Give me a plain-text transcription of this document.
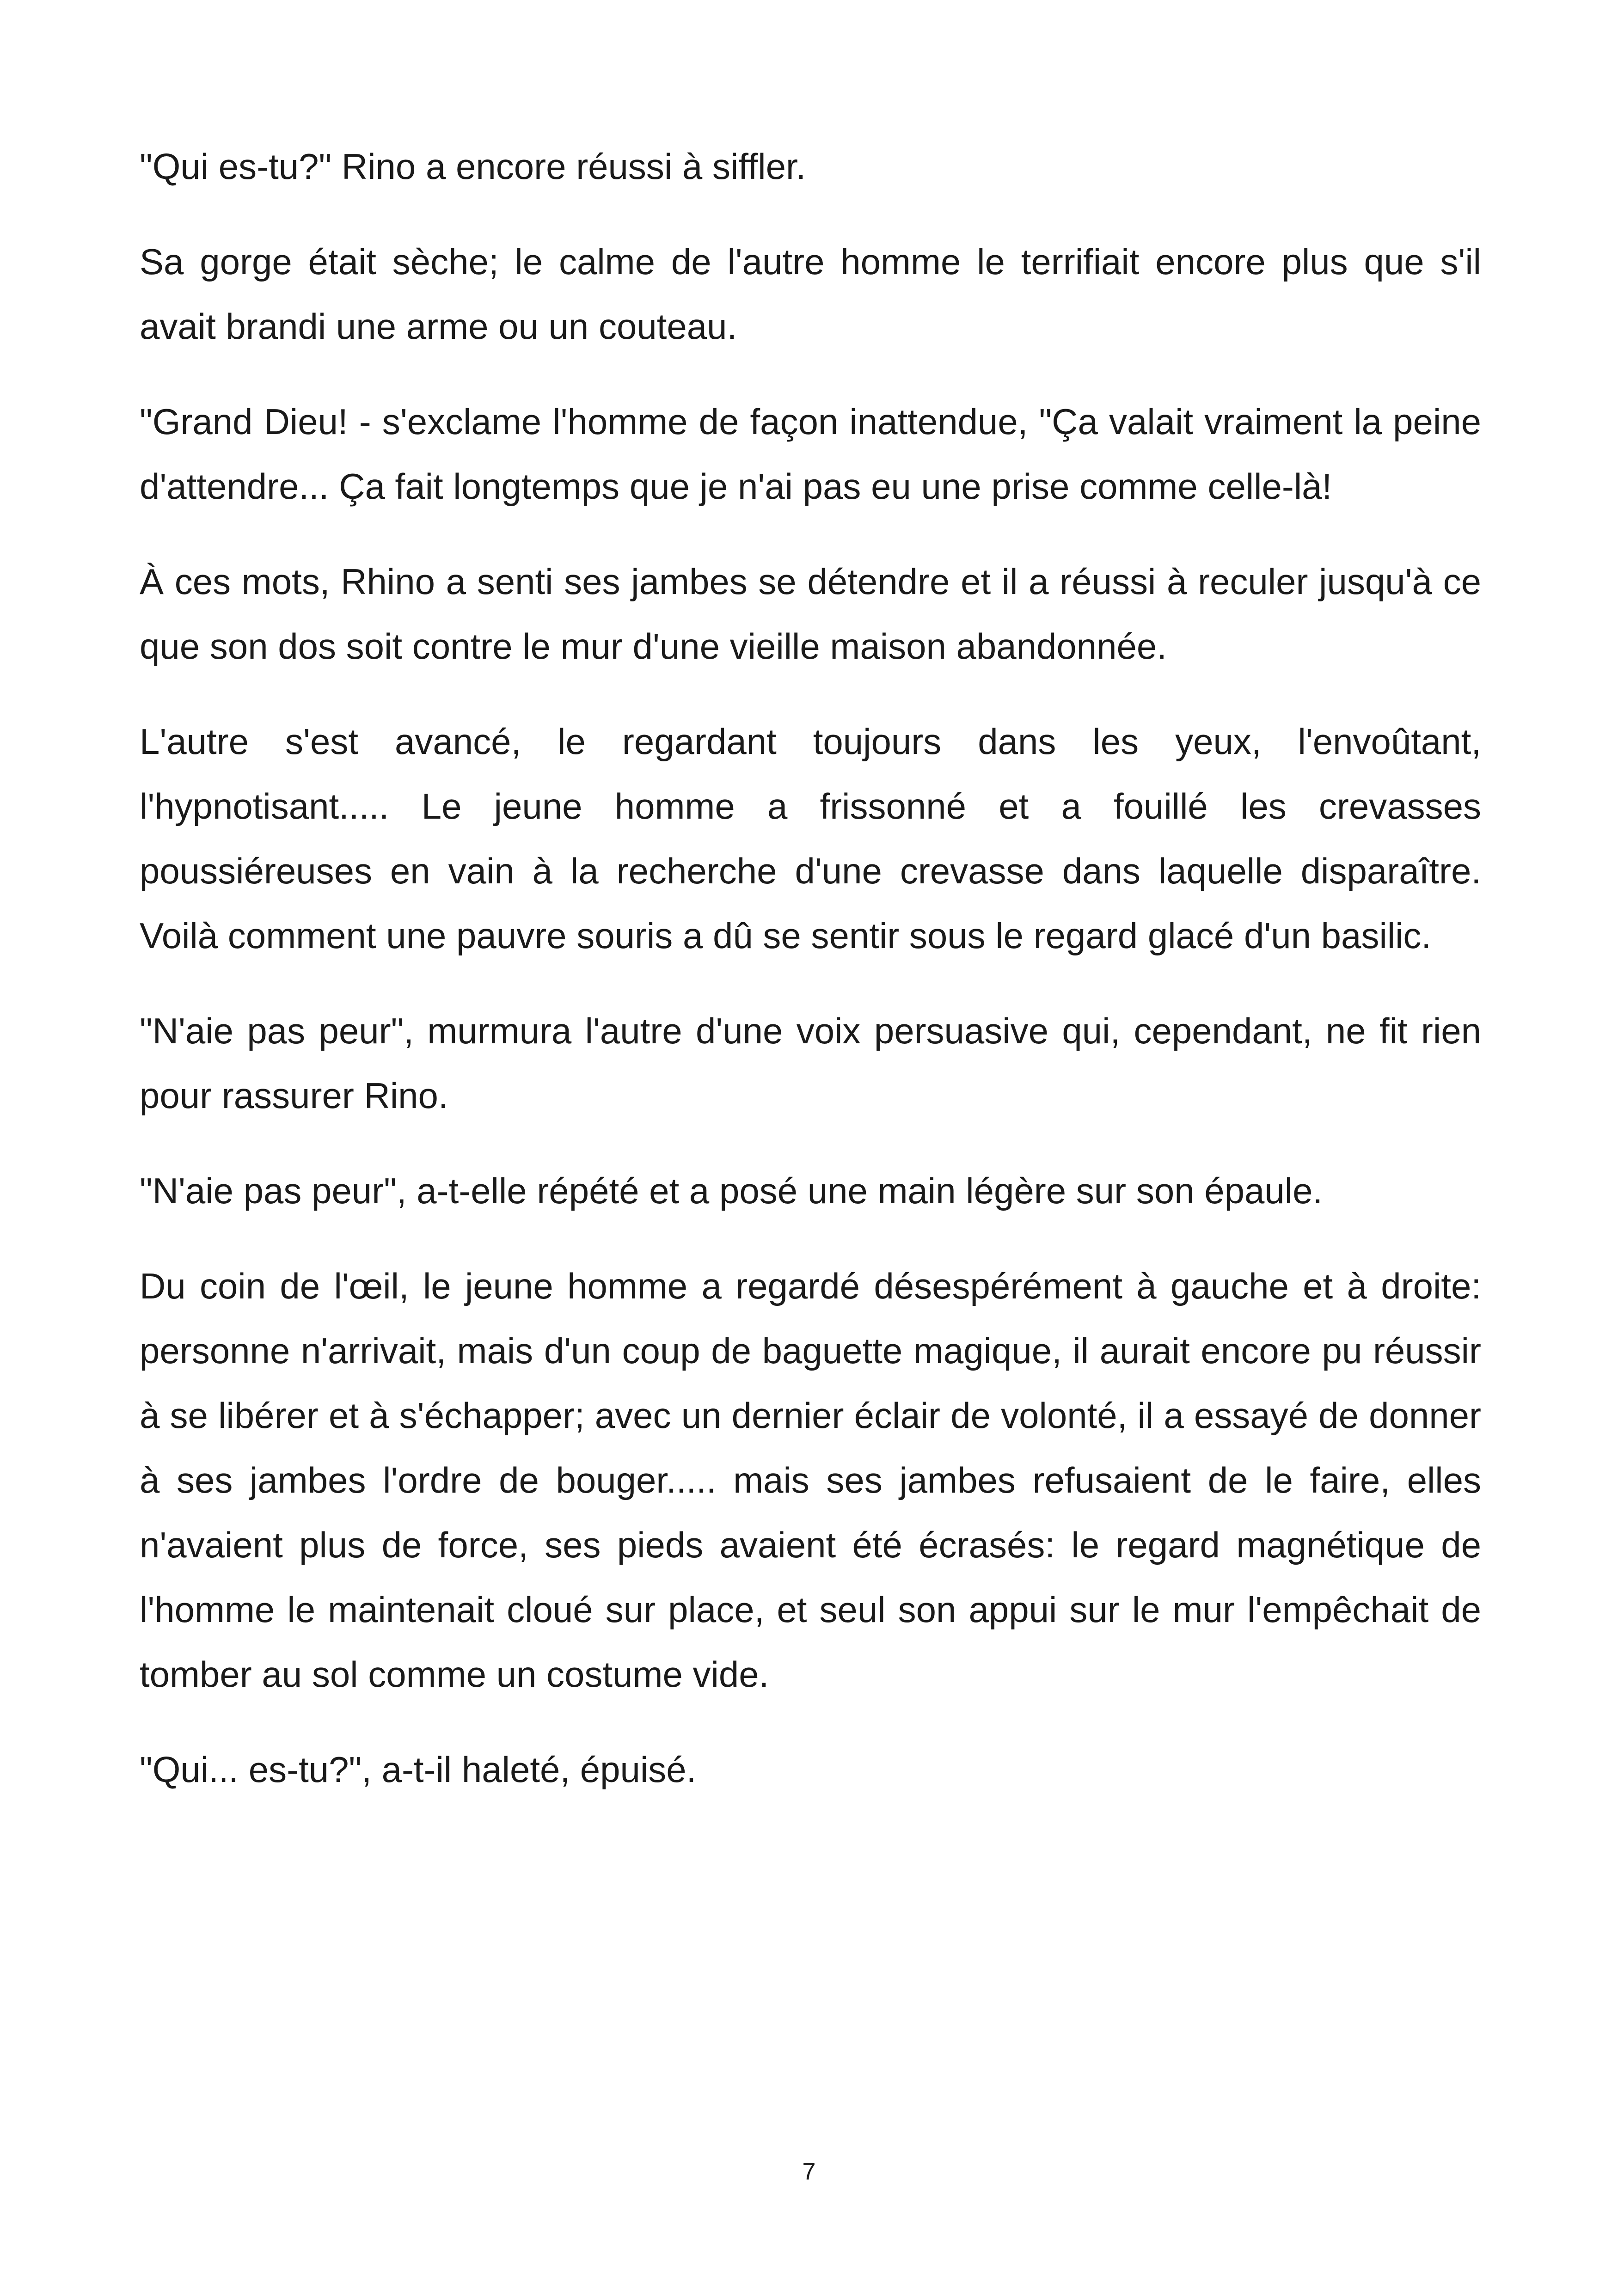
"Qui es-tu?" Rino a encore réussi à siffler.

Sa gorge était sèche; le calme de l'autre homme le terrifiait encore plus que s'il avait brandi une arme ou un couteau.

"Grand Dieu! - s'exclame l'homme de façon inattendue, "Ça valait vraiment la peine d'attendre... Ça fait longtemps que je n'ai pas eu une prise comme celle-là!

À ces mots, Rhino a senti ses jambes se détendre et il a réussi à reculer jusqu'à ce que son dos soit contre le mur d'une vieille maison abandonnée.

L'autre s'est avancé, le regardant toujours dans les yeux, l'envoûtant, l'hypnotisant..... Le jeune homme a frissonné et a fouillé les crevasses poussiéreuses en vain à la recherche d'une crevasse dans laquelle disparaître. Voilà comment une pauvre souris a dû se sentir sous le regard glacé d'un basilic.

"N'aie pas peur", murmura l'autre d'une voix persuasive qui, cependant, ne fit rien pour rassurer Rino.

"N'aie pas peur", a-t-elle répété et a posé une main légère sur son épaule.

Du coin de l'œil, le jeune homme a regardé désespérément à gauche et à droite: personne n'arrivait, mais d'un coup de baguette magique, il aurait encore pu réussir à se libérer et à s'échapper; avec un dernier éclair de volonté, il a essayé de donner à ses jambes l'ordre de bouger..... mais ses jambes refusaient de le faire, elles n'avaient plus de force, ses pieds avaient été écrasés: le regard magnétique de l'homme le maintenait cloué sur place, et seul son appui sur le mur l'empêchait de tomber au sol comme un costume vide.

"Qui... es-tu?", a-t-il haleté, épuisé.

7
